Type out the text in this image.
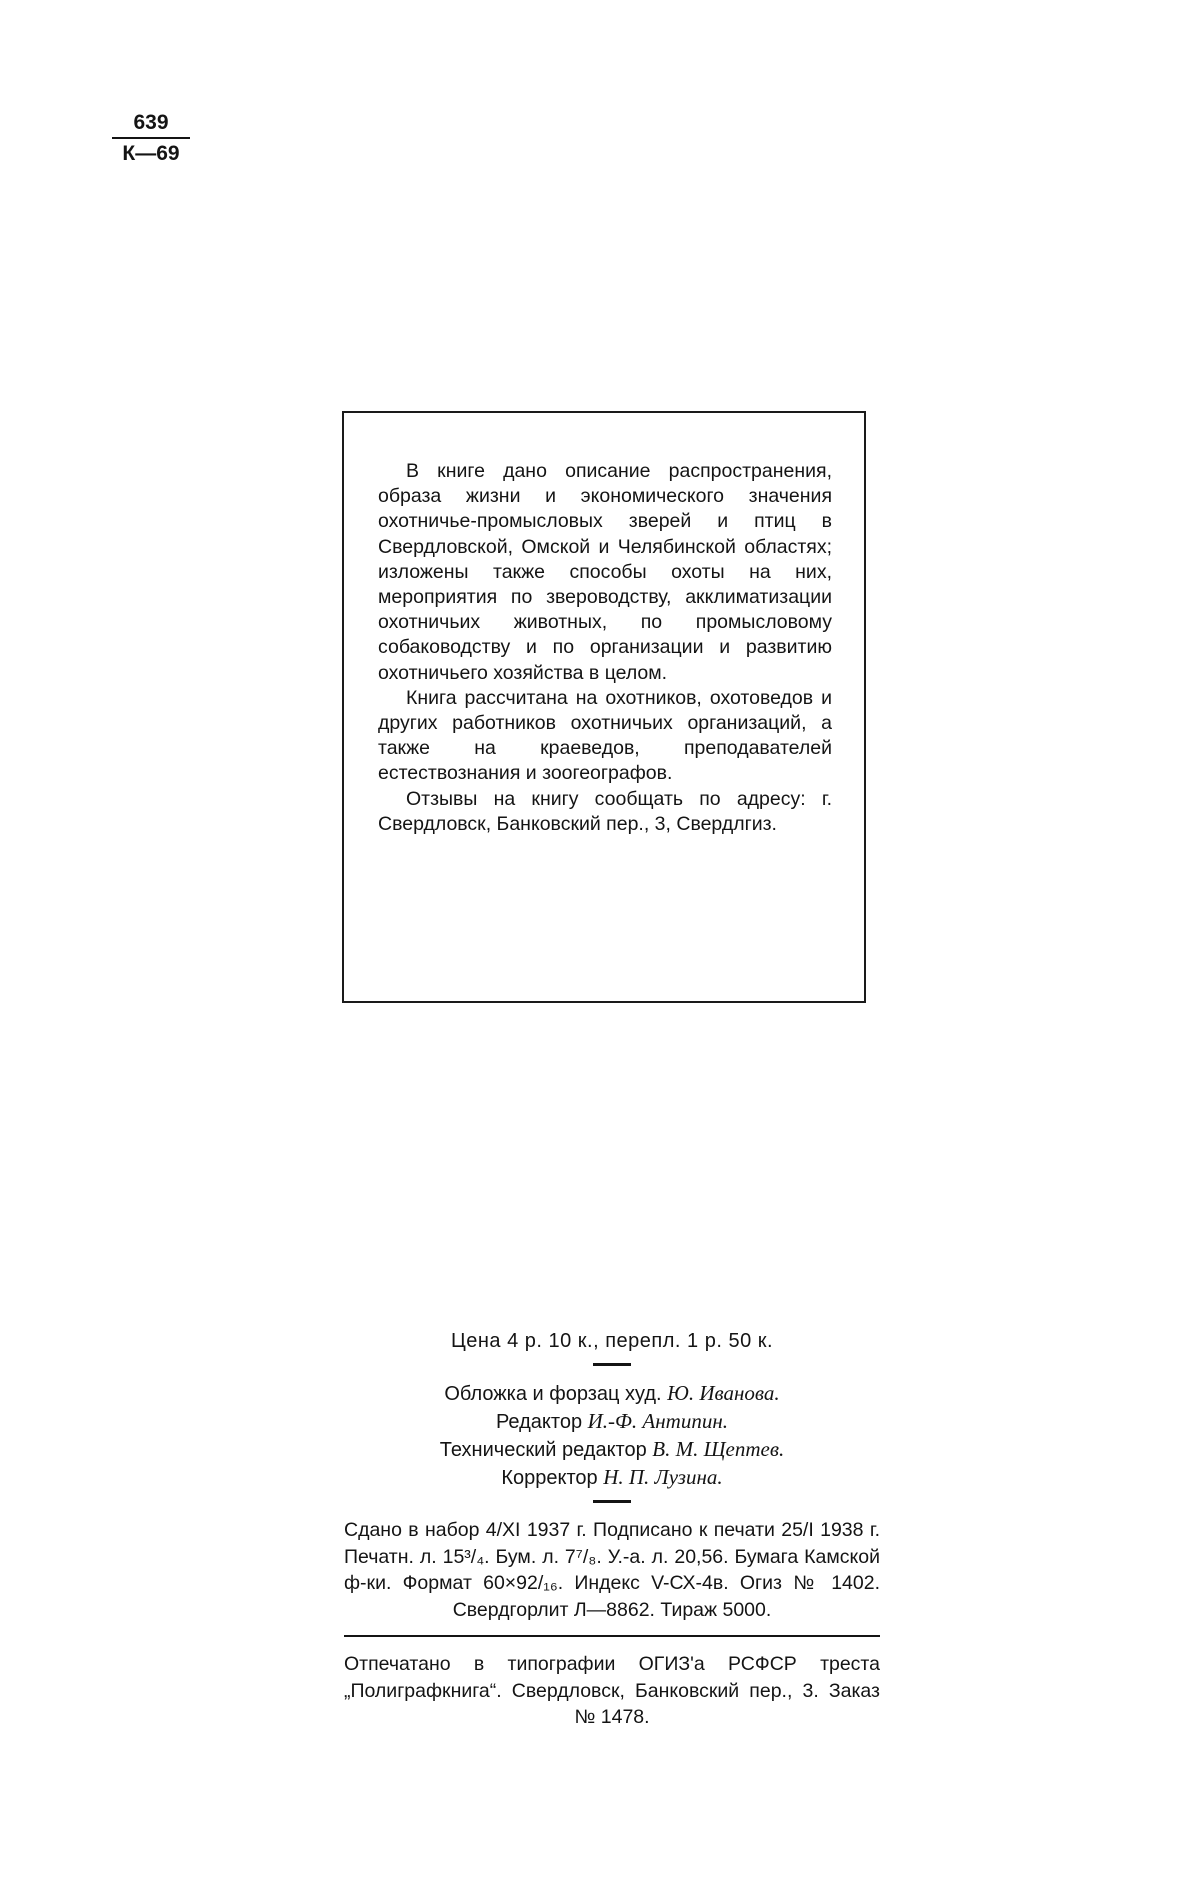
639
К—69

В книге дано описание распространения, образа жизни и экономического значения охотничье-промысловых зверей и птиц в Свердловской, Омской и Челябинской областях; изложены также способы охоты на них, мероприятия по звероводству, акклиматизации охотничьих животных, по промысловому собаководству и по организации и развитию охотничьего хозяйства в целом.

Книга рассчитана на охотников, охотоведов и других работников охотничьих организаций, а также на краеведов, преподавателей естествознания и зоогеографов.

Отзывы на книгу сообщать по адресу: г. Свердловск, Банковский пер., 3, Свердлгиз.

Цена 4 р. 10 к., перепл. 1 р. 50 к.

Обложка и форзац худ. Ю. Иванова.
Редактор И.-Ф. Антипин.
Технический редактор В. М. Щептев.
Корректор Н. П. Лузина.

Сдано в набор 4/XI 1937 г. Подписано к печати 25/I 1938 г. Печатн. л. 15³/₄. Бум. л. 7⁷/₈. У.-а. л. 20,56. Бумага Камской ф-ки. Формат 60×92/₁₆. Индекс V-СХ-4в. Огиз № 1402. Свердгорлит Л—8862. Тираж 5000.

Отпечатано в типографии ОГИЗ'а РСФСР треста „Полиграфкнига“. Свердловск, Банковский пер., 3. Заказ № 1478.
